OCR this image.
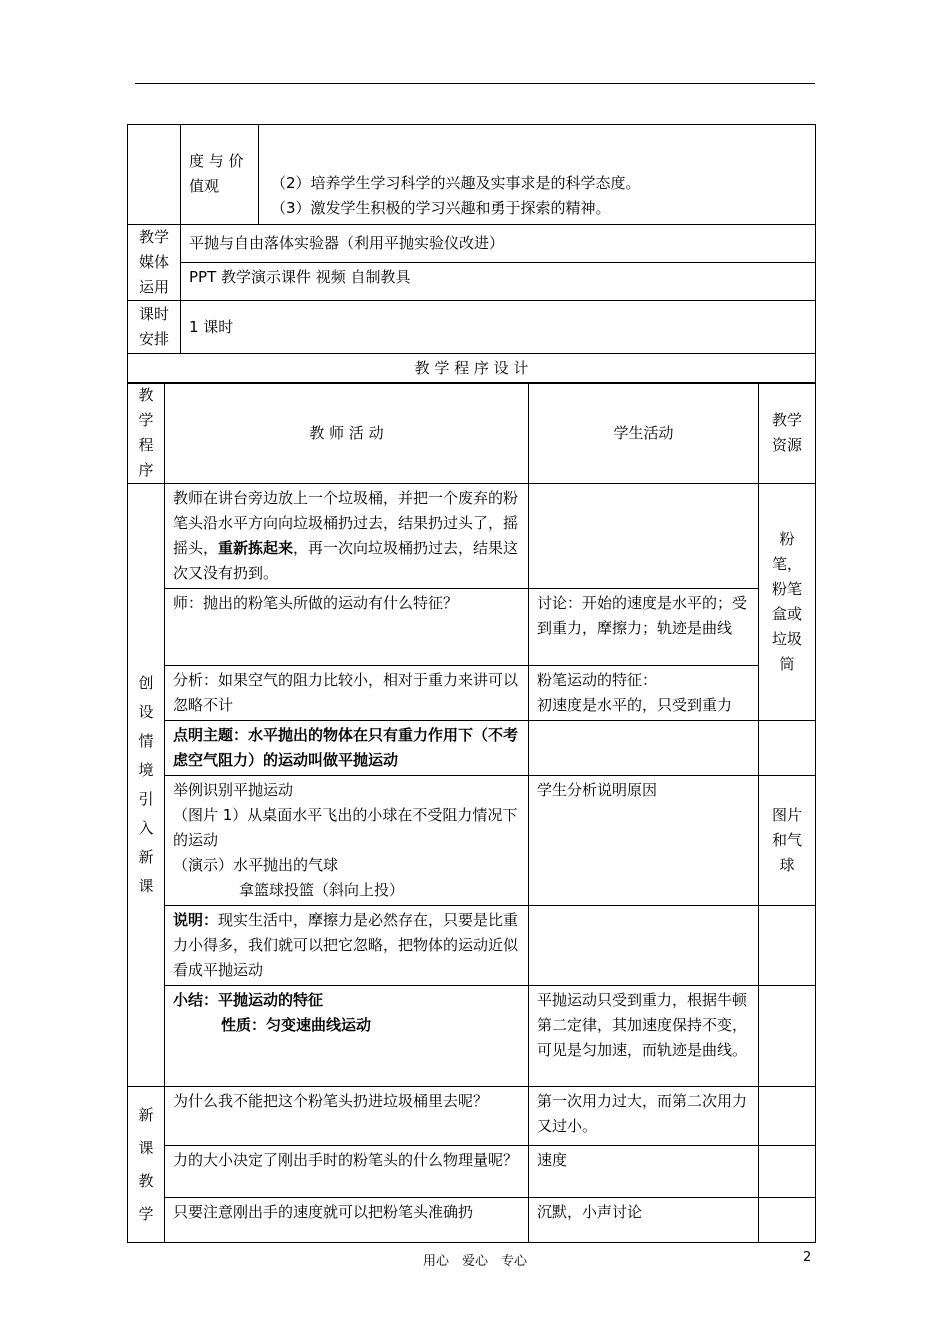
	度 与 价 值观	（2）培养学生学习科学的兴趣及实事求是的科学态度。
（3）激发学生积极的学习兴趣和勇于探索的精神。

教学媒体运用	平抛与自由落体实验器（利用平抛实验仪改进）	
	PPT 教学演示课件 视频 自制教具	
课时安排	1 课时	
教 学 程 序 设 计		
教学程序	教 师 活 动	学生活动	教学资源
创设情境 引入新课	教师在讲台旁边放上一个垃圾桶，并把一个废弃的粉笔头沿水平方向向垃圾桶扔过去，结果扔过头了，摇摇头，重新拣起来，再一次向垃圾桶扔过去，结果这次又没有扔到。		粉笔，粉笔盒或垃圾筒
	师：抛出的粉笔头所做的运动有什么特征？	讨论：开始的速度是水平的；受到重力，摩擦力；轨迹是曲线	
	分析：如果空气的阻力比较小，相对于重力来讲可以忽略不计	粉笔运动的特征：
初速度是水平的，只受到重力	

	点明主题：水平抛出的物体在只有重力作用下（不考虑空气阻力）的运动叫做平抛运动		

	举例识别平抛运动
（图片 1）从桌面水平飞出的小球在不受阻力情况下的运动
（演示）水平抛出的气球
拿篮球投篮（斜向上投）	学生分析说明原因	图片和气球
	说明：现实生活中，摩擦力是必然存在，只要是比重力小得多，我们就可以把它忽略，把物体的运动近似看成平抛运动		

	小结：平抛运动的特征
性质：匀变速曲线运动	平抛运动只受到重力，根据牛顿第二定律，其加速度保持不变，可见是匀加速，而轨迹是曲线。	
新课教学	为什么我不能把这个粉笔头扔进垃圾桶里去呢？	第一次用力过大，而第二次用力又过小。	
	力的大小决定了刚出手时的粉笔头的什么物理量呢？	速度	
	只要注意刚出手的速度就可以把粉笔头准确扔	沉默，小声讨论	
用心　爱心　专心	2
